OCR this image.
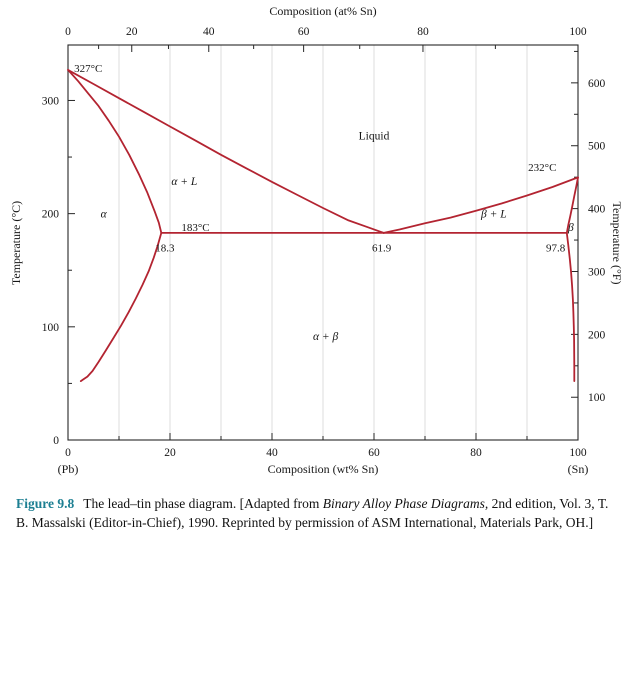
0	20	40	60	80	100
0	20	40	60	80	100
0
100
200
300
100
200
300
400
500
600
Liquid
α + L
α	β + L
β
α + β
327°C
232°C
183°C
18.3	61.9	97.8
Composition (at% Sn)
Temperature (°C)	Temperature (°F)
Composition (wt% Sn)
(Pb)	(Sn)

Figure 9.8 The lead–tin phase diagram. [Adapted from Binary Alloy Phase Diagrams, 2nd edition, Vol. 3, T. B. Massalski (Editor-in-Chief), 1990. Reprinted by permission of ASM International, Materials Park, OH.]
